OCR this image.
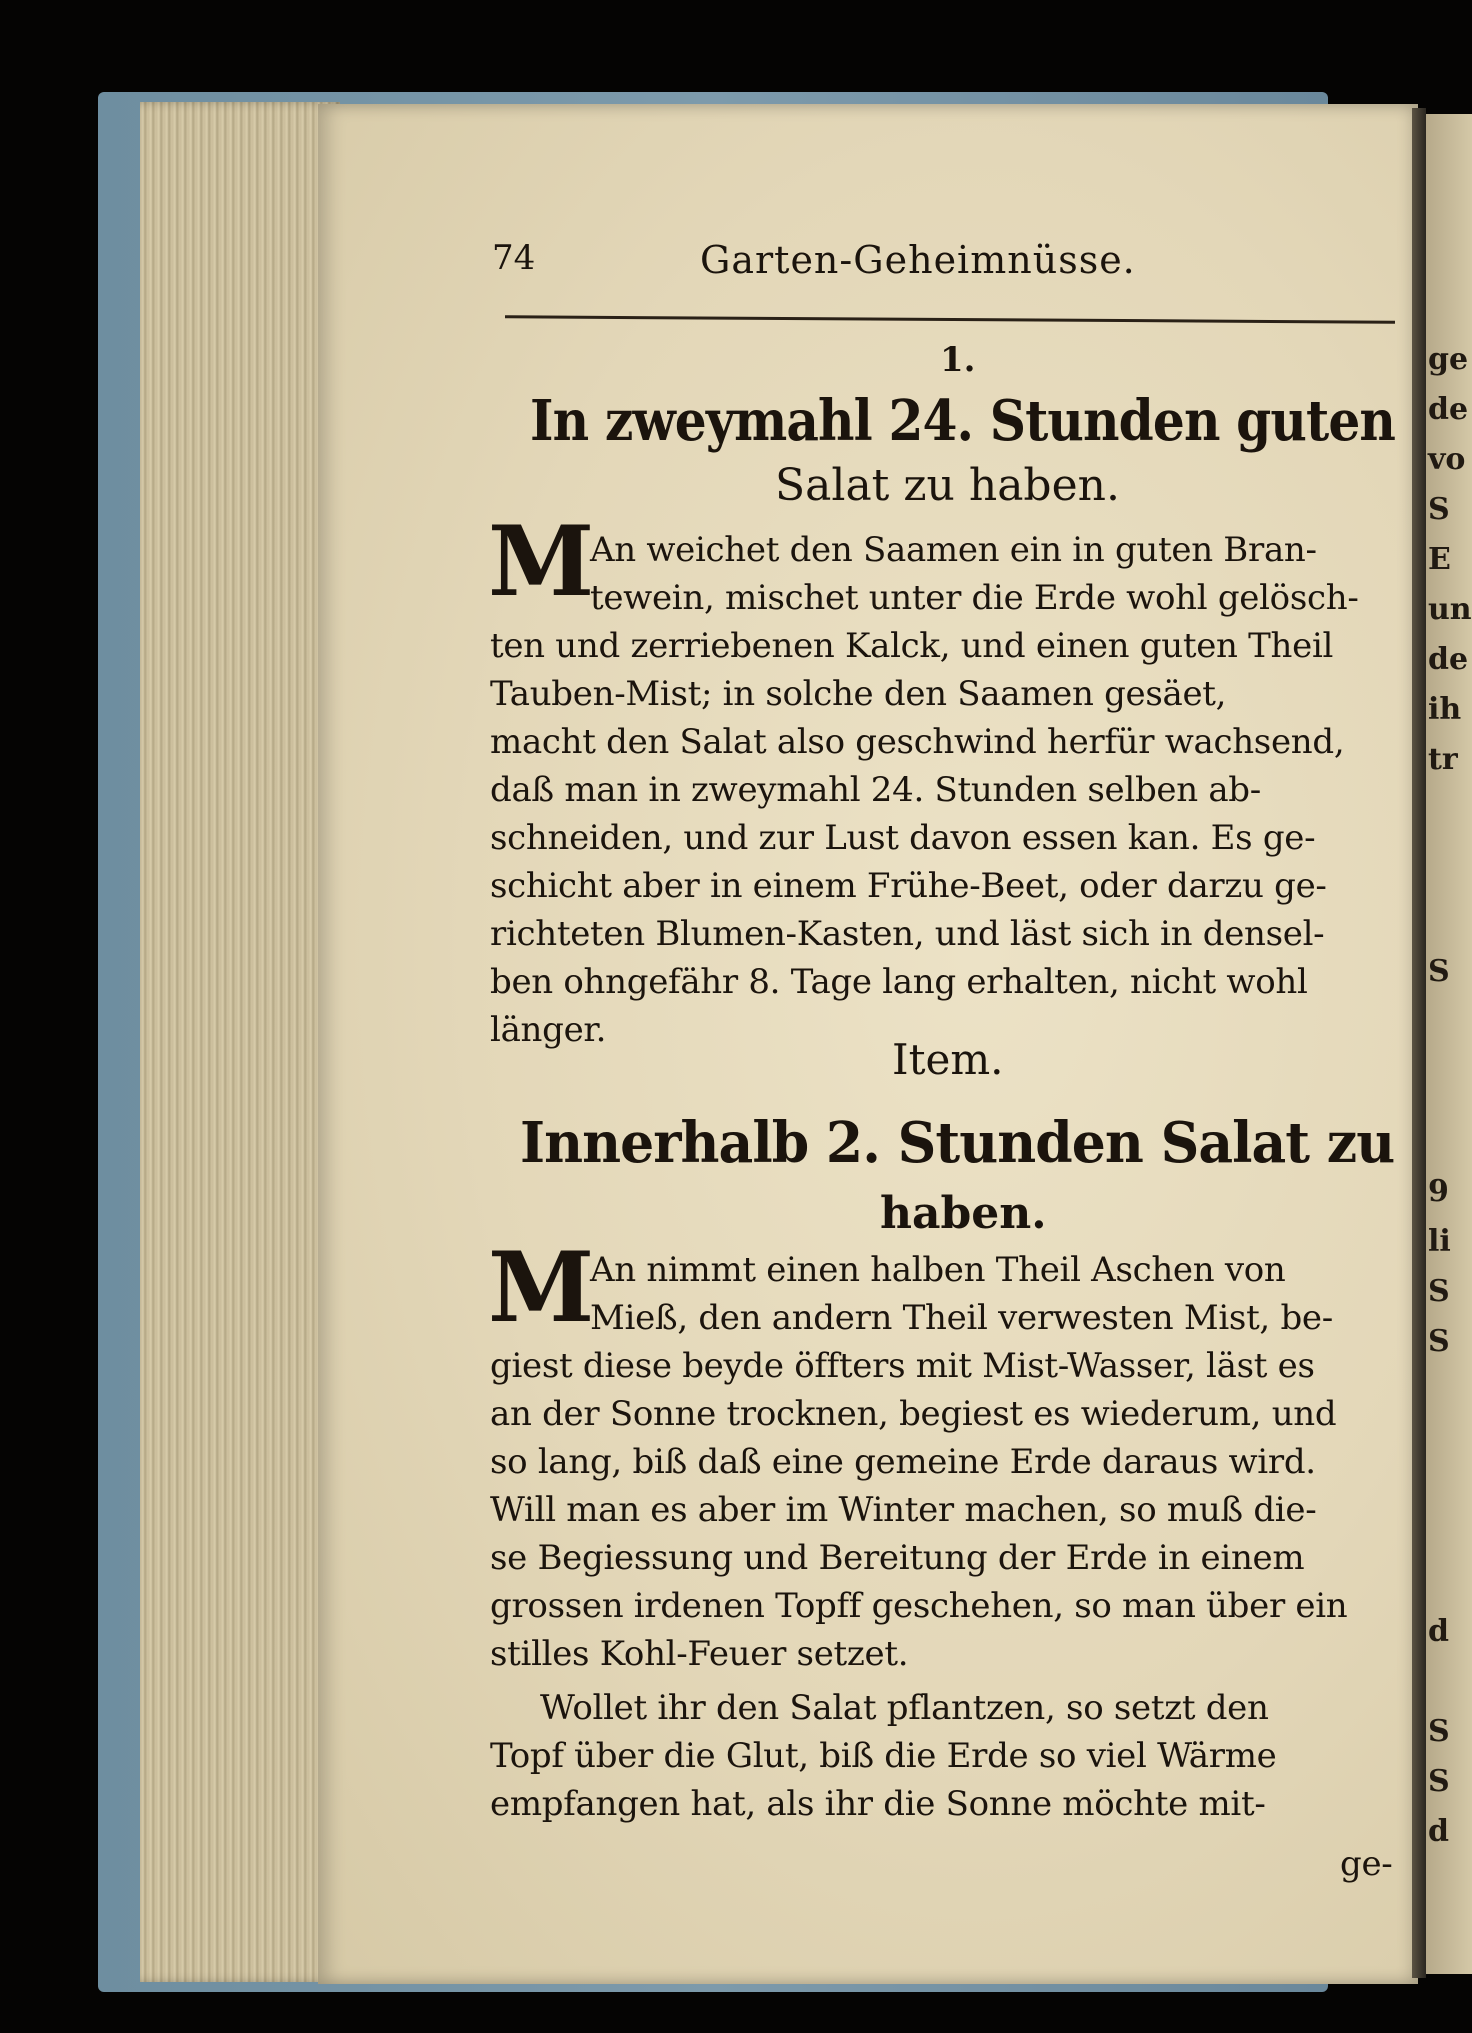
ge
de
vo
S
E
un
de
ih
tr
S
9
li
S
S
d
S
S
d
74	Garten-Geheimnüsse.
1.
In zweymahl 24. Stunden guten
Salat zu haben.
M
An weichet den Saamen ein in guten Bran-
tewein, mischet unter die Erde wohl gelösch-
ten und zerriebenen Kalck, und einen guten Theil
Tauben-Mist; in solche den Saamen gesäet,
macht den Salat also geschwind herfür wachsend,
daß man in zweymahl 24. Stunden selben ab-
schneiden, und zur Lust davon essen kan. Es ge-
schicht aber in einem Frühe-Beet, oder darzu ge-
richteten Blumen-Kasten, und läst sich in densel-
ben ohngefähr 8. Tage lang erhalten, nicht wohl
länger.
Item.
Innerhalb 2. Stunden Salat zu
haben.
M
An nimmt einen halben Theil Aschen von
Mieß, den andern Theil verwesten Mist, be-
giest diese beyde öffters mit Mist-Wasser, läst es
an der Sonne trocknen, begiest es wiederum, und
so lang, biß daß eine gemeine Erde daraus wird.
Will man es aber im Winter machen, so muß die-
se Begiessung und Bereitung der Erde in einem
grossen irdenen Topff geschehen, so man über ein
stilles Kohl-Feuer setzet.
Wollet ihr den Salat pflantzen, so setzt den
Topf über die Glut, biß die Erde so viel Wärme
empfangen hat, als ihr die Sonne möchte mit-
ge-
